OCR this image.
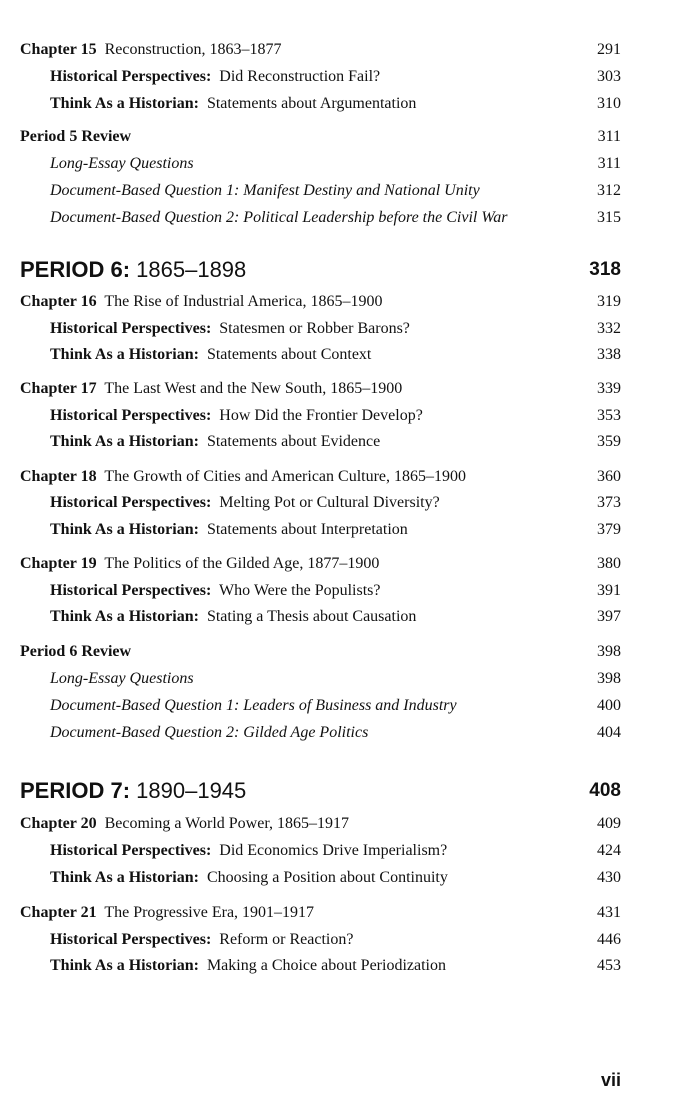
Chapter 15 Reconstruction, 1863–1877	291
Historical Perspectives: Did Reconstruction Fail?	303
Think As a Historian: Statements about Argumentation	310
Period 5 Review	311
Long-Essay Questions	311
Document-Based Question 1: Manifest Destiny and National Unity	312
Document-Based Question 2: Political Leadership before the Civil War	315
PERIOD 6: 1865–1898	318
Chapter 16 The Rise of Industrial America, 1865–1900	319
Historical Perspectives: Statesmen or Robber Barons?	332
Think As a Historian: Statements about Context	338
Chapter 17 The Last West and the New South, 1865–1900	339
Historical Perspectives: How Did the Frontier Develop?	353
Think As a Historian: Statements about Evidence	359
Chapter 18 The Growth of Cities and American Culture, 1865–1900	360
Historical Perspectives: Melting Pot or Cultural Diversity?	373
Think As a Historian: Statements about Interpretation	379
Chapter 19 The Politics of the Gilded Age, 1877–1900	380
Historical Perspectives: Who Were the Populists?	391
Think As a Historian: Stating a Thesis about Causation	397
Period 6 Review	398
Long-Essay Questions	398
Document-Based Question 1: Leaders of Business and Industry	400
Document-Based Question 2: Gilded Age Politics	404
PERIOD 7: 1890–1945	408
Chapter 20 Becoming a World Power, 1865–1917	409
Historical Perspectives: Did Economics Drive Imperialism?	424
Think As a Historian: Choosing a Position about Continuity	430
Chapter 21 The Progressive Era, 1901–1917	431
Historical Perspectives: Reform or Reaction?	446
Think As a Historian: Making a Choice about Periodization	453
vii
